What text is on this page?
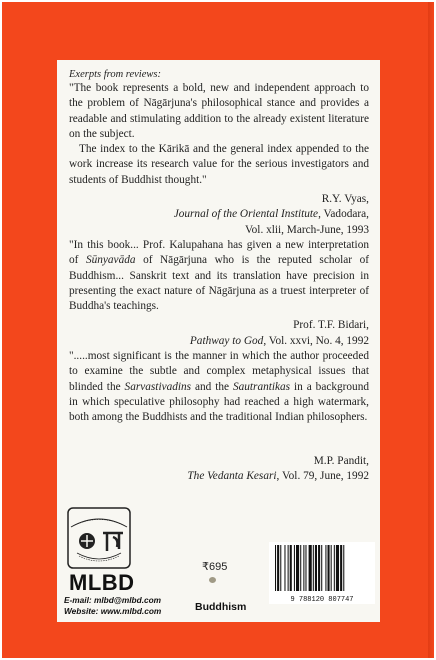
Exerpts from reviews:

"The book represents a bold, new and independent approach to the problem of Nāgārjuna's philosophical stance and provides a readable and stimulating addition to the already existent literature on the subject.

The index to the Kārikā and the general index appended to the work increase its research value for the serious investigators and students of Buddhist thought."

R.Y. Vyas,

Journal of the Oriental Institute, Vadodara,

Vol. xlii, March-June, 1993

"In this book... Prof. Kalupahana has given a new interpretation of Sūnyavāda of Nāgārjuna who is the reputed scholar of Buddhism... Sanskrit text and its translation have precision in presenting the exact nature of Nāgārjuna as a truest interpreter of Buddha's teachings.

Prof. T.F. Bidari,

Pathway to God, Vol. xxvi, No. 4, 1992

".....most significant is the manner in which the author proceeded to examine the subtle and complex metaphysical issues that blinded the Sarvastivadins and the Sautrantikas in a background in which speculative philosophy had reached a high watermark, both among the Buddhists and the traditional Indian philosophers.

M.P. Pandit,

The Vedanta Kesari, Vol. 79, June, 1992

MLBD
E-mail: mlbd@mlbd.com
Website: www.mlbd.com
₹695
Buddhism
9 788120 807747
